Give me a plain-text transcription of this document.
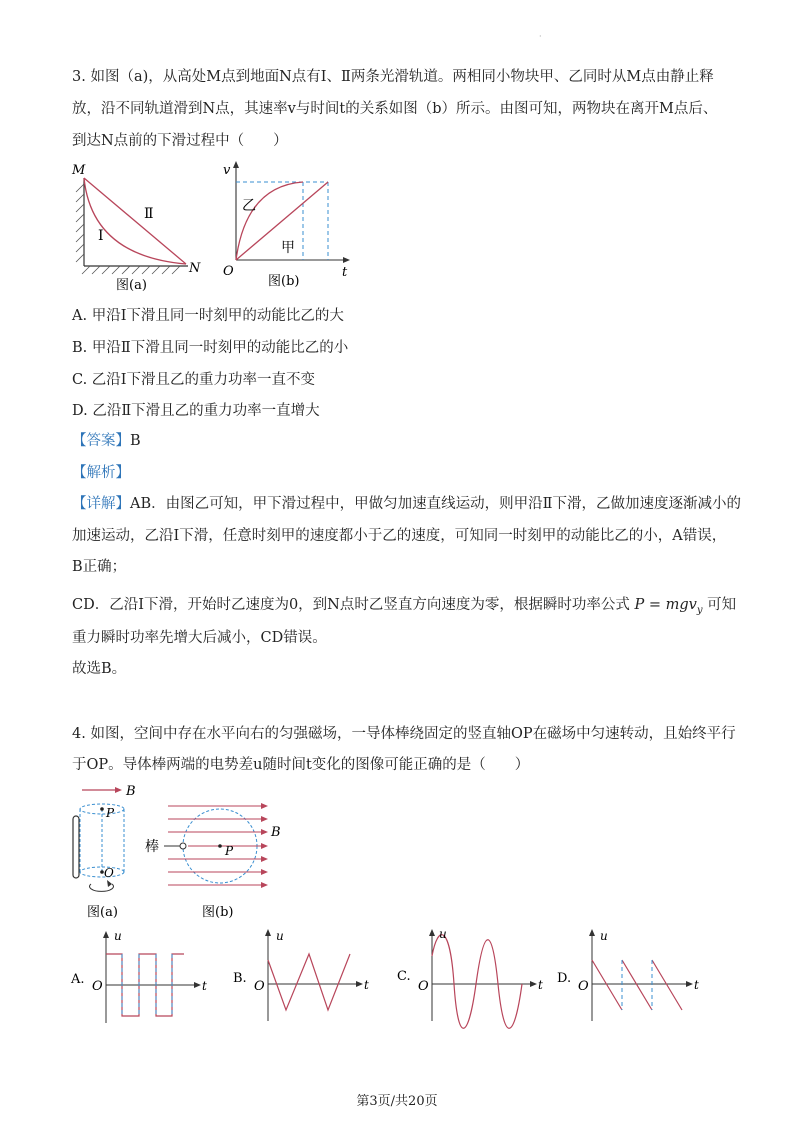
·
3. 如图（a)，从高处M点到地面N点有Ⅰ、Ⅱ两条光滑轨道。两相同小物块甲、乙同时从M点由静止释
放，沿不同轨道滑到N点，其速率v与时间t的关系如图（b）所示。由图可知，两物块在离开M点后、
到达N点前的下滑过程中（　　）
M
N
Ⅰ
Ⅱ
图(a)
v
t
O
乙
甲
图(b)
A. 甲沿Ⅰ下滑且同一时刻甲的动能比乙的大
B. 甲沿Ⅱ下滑且同一时刻甲的动能比乙的小
C. 乙沿Ⅰ下滑且乙的重力功率一直不变
D. 乙沿Ⅱ下滑且乙的重力功率一直增大
【答案】B
【解析】
【详解】AB．由图乙可知，甲下滑过程中，甲做匀加速直线运动，则甲沿Ⅱ下滑，乙做加速度逐渐减小的
加速运动，乙沿Ⅰ下滑，任意时刻甲的速度都小于乙的速度，可知同一时刻甲的动能比乙的小，A错误，
B正确；
CD．乙沿Ⅰ下滑，开始时乙速度为0，到N点时乙竖直方向速度为零，根据瞬时功率公式 P = mgv$_y$ 可知
重力瞬时功率先增大后减小，CD错误。
故选B。
4. 如图，空间中存在水平向右的匀强磁场，一导体棒绕固定的竖直轴OP在磁场中匀速转动，且始终平行
于OP。导体棒两端的电势差u随时间t变化的图像可能正确的是（　　）
B
P
O
图(a)
棒	P
B
图(b)
A.
u
t
O
B.
u
t
O
C.
u
t
O
D.
u
t
O
第3页/共20页
